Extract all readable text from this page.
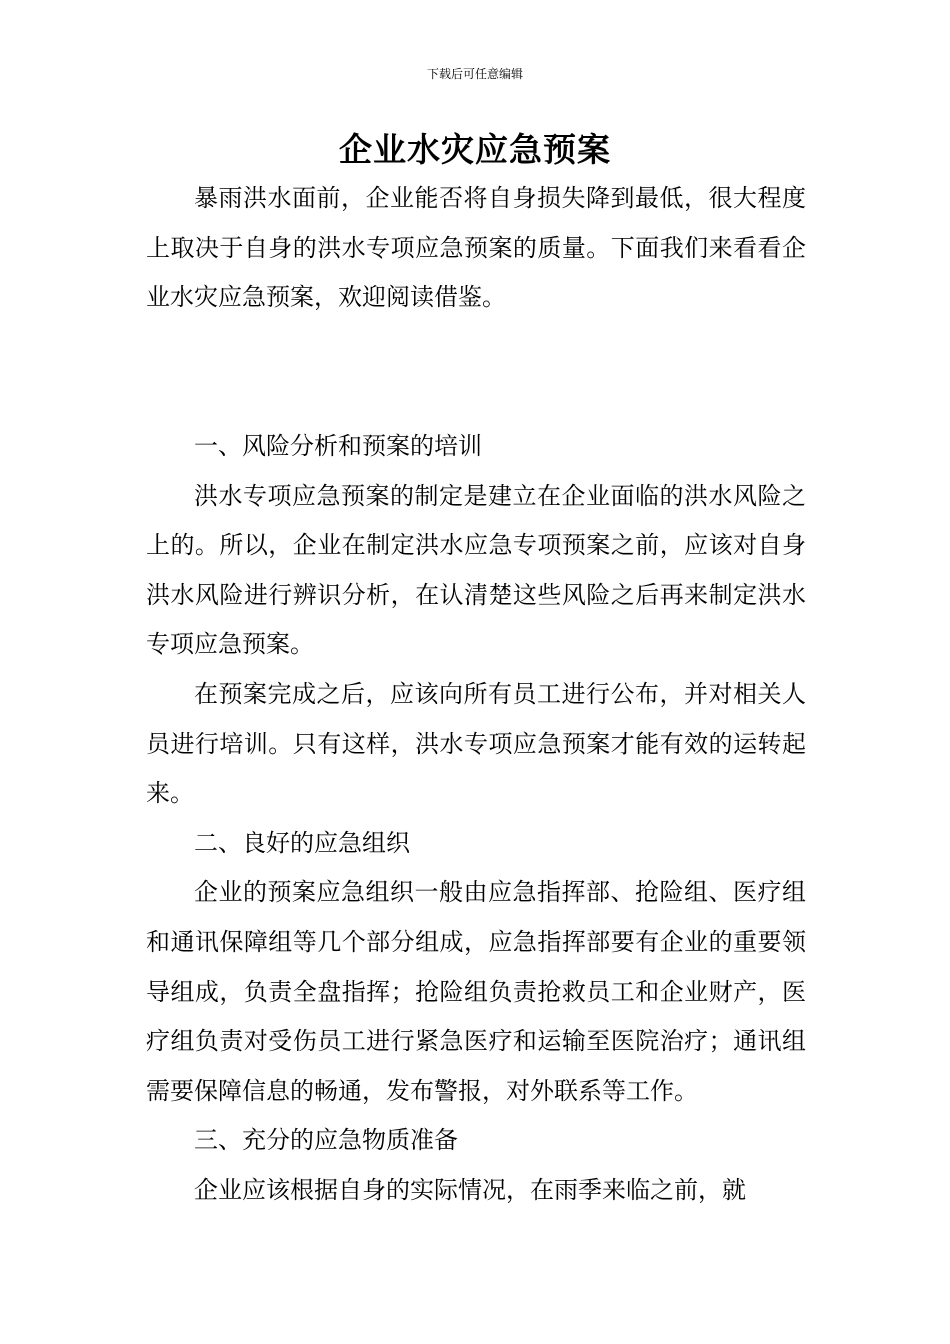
下载后可任意编辑
企业水灾应急预案

暴雨洪水面前，企业能否将自身损失降到最低，很大程度上取决于自身的洪水专项应急预案的质量。下面我们来看看企业水灾应急预案，欢迎阅读借鉴。

一、风险分析和预案的培训

洪水专项应急预案的制定是建立在企业面临的洪水风险之上的。所以，企业在制定洪水应急专项预案之前，应该对自身洪水风险进行辨识分析，在认清楚这些风险之后再来制定洪水专项应急预案。

在预案完成之后，应该向所有员工进行公布，并对相关人员进行培训。只有这样，洪水专项应急预案才能有效的运转起来。

二、良好的应急组织

企业的预案应急组织一般由应急指挥部、抢险组、医疗组和通讯保障组等几个部分组成，应急指挥部要有企业的重要领导组成，负责全盘指挥；抢险组负责抢救员工和企业财产，医疗组负责对受伤员工进行紧急医疗和运输至医院治疗；通讯组需要保障信息的畅通，发布警报，对外联系等工作。

三、充分的应急物质准备

企业应该根据自身的实际情况，在雨季来临之前，就
